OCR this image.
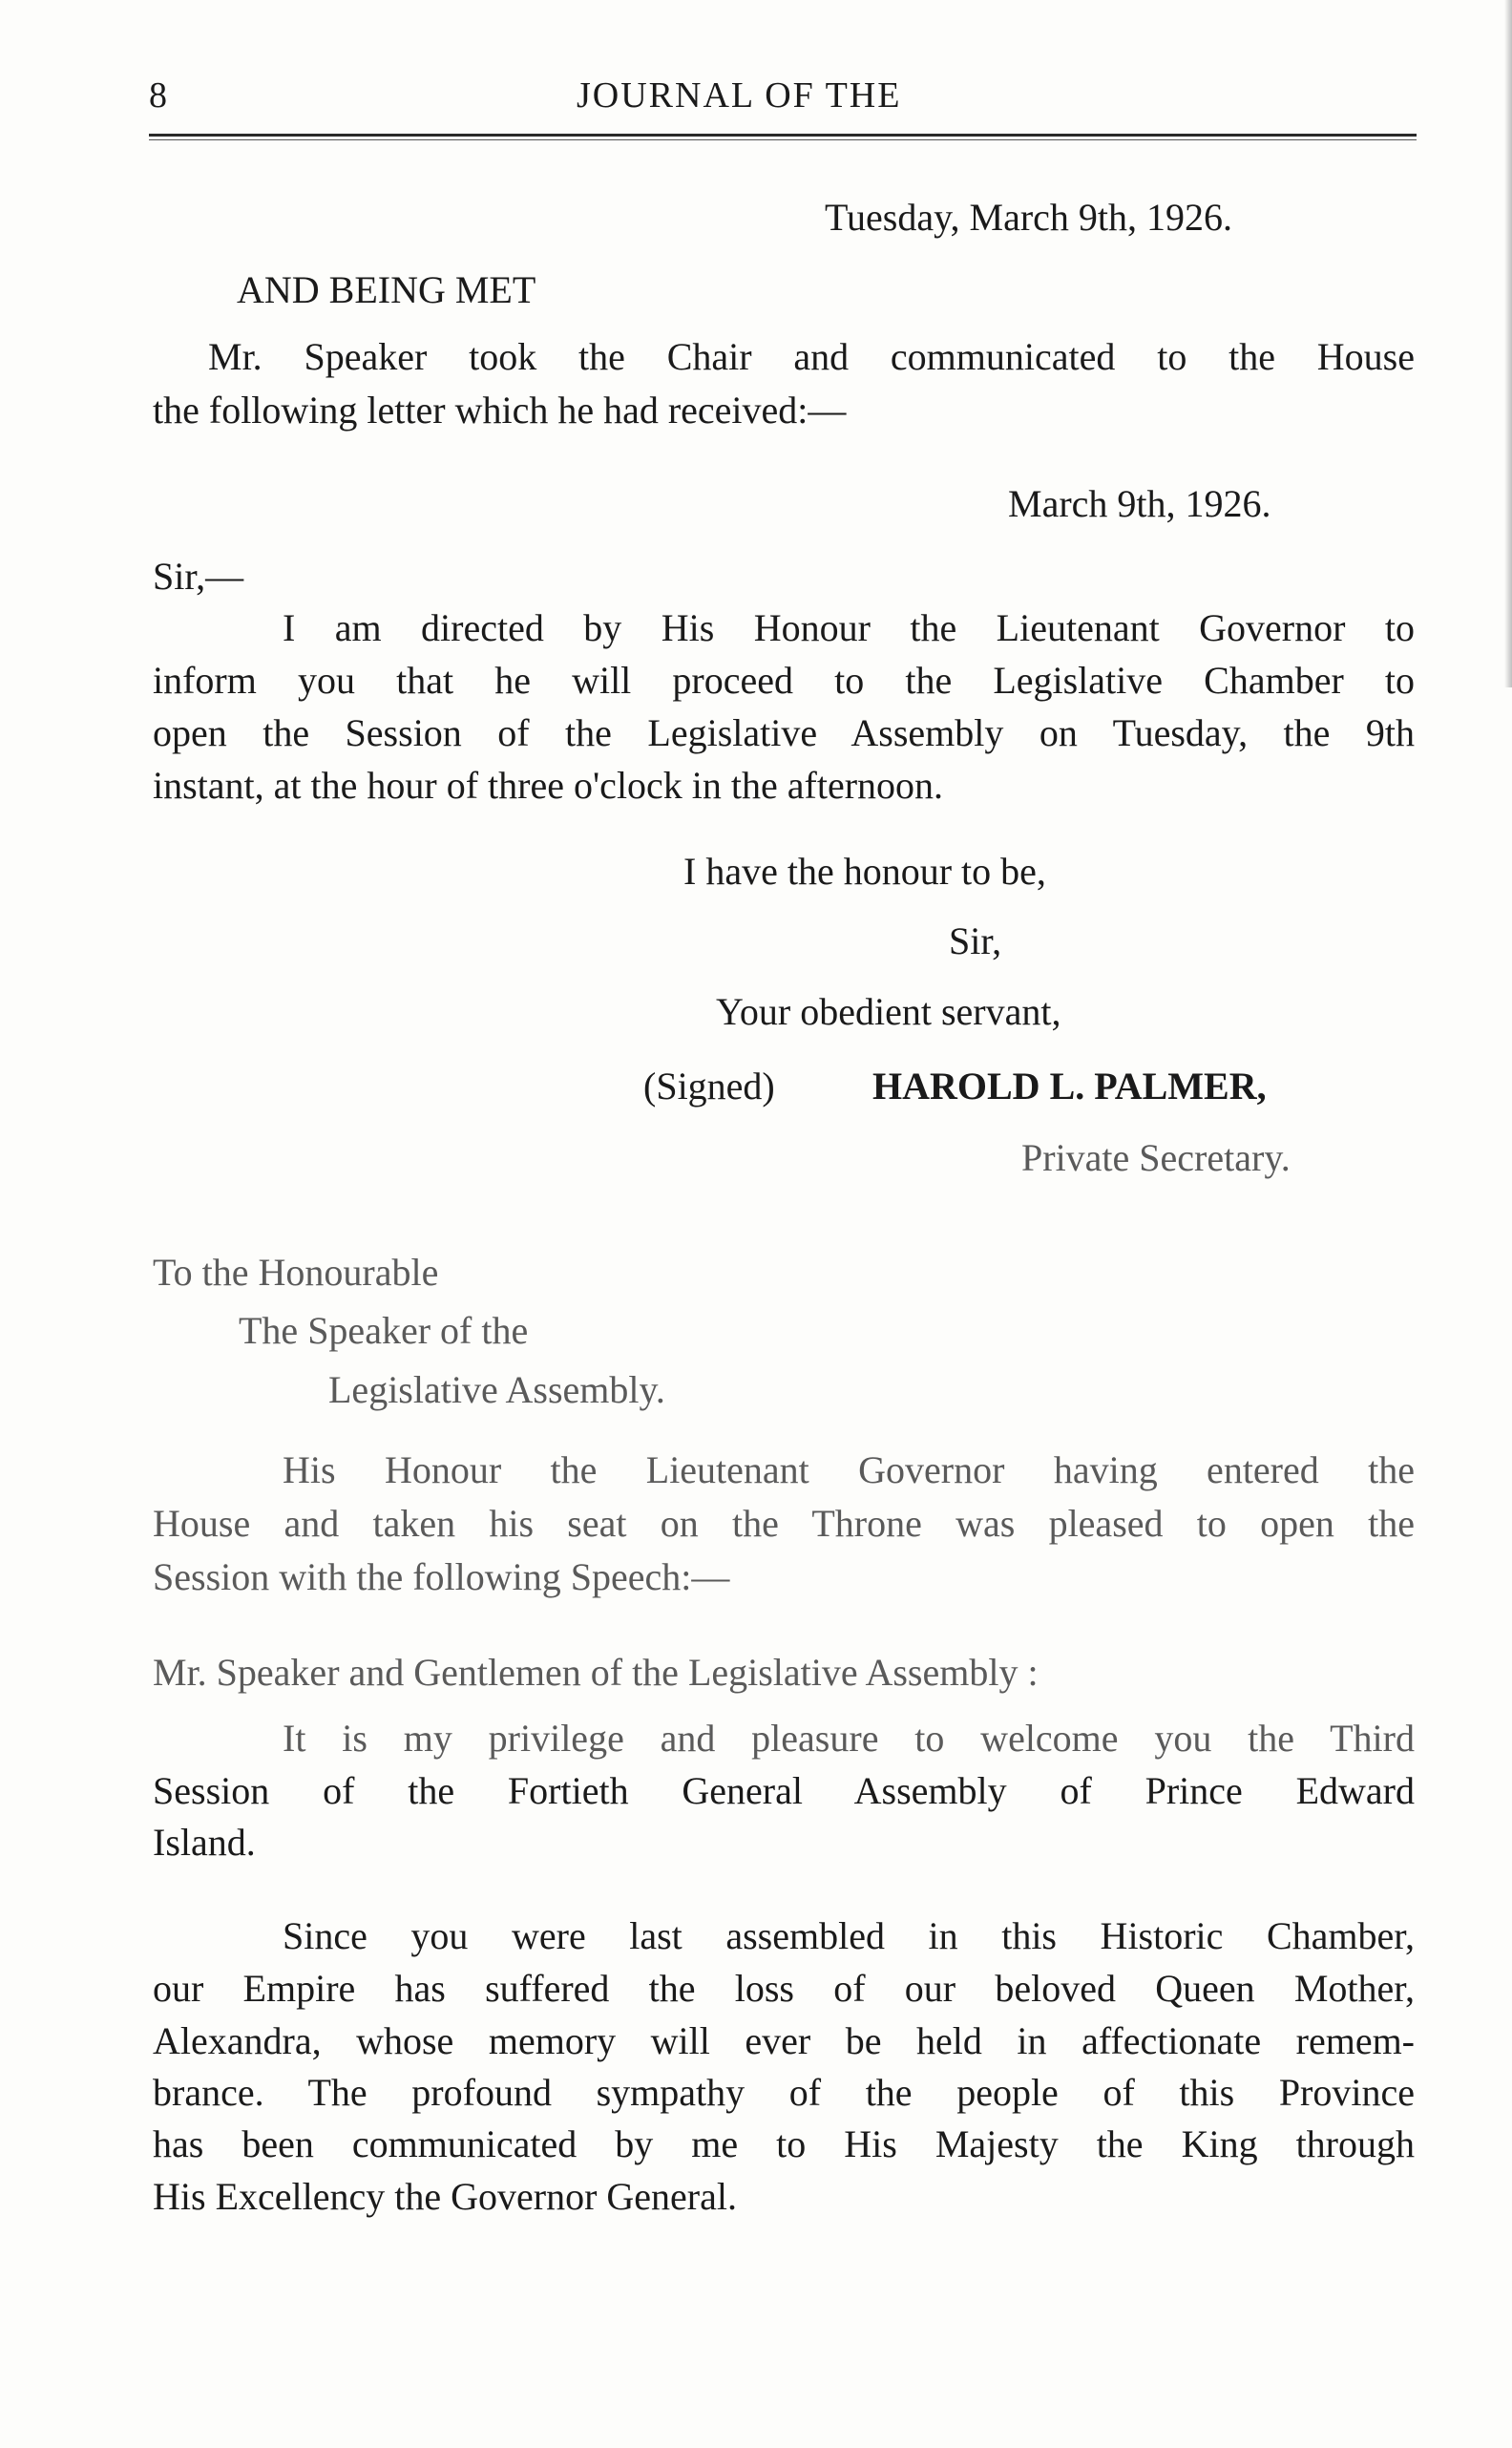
8	JOURNAL OF THE
Tuesday, March 9th, 1926.
AND BEING MET
Mr. Speaker took the Chair and communicated to the House
the following letter which he had received:—
March 9th, 1926.
Sir,—
I am directed by His Honour the Lieutenant Governor to
inform you that he will proceed to the Legislative Chamber to
open the Session of the Legislative Assembly on Tuesday, the 9th
instant, at the hour of three o'clock in the afternoon.
I have the honour to be,
Sir,
Your obedient servant,
(Signed)	HAROLD L. PALMER,
Private Secretary.
To the Honourable
The Speaker of the
Legislative Assembly.
His Honour the Lieutenant Governor having entered the
House and taken his seat on the Throne was pleased to open the
Session with the following Speech:—
Mr. Speaker and Gentlemen of the Legislative Assembly :
It is my privilege and pleasure to welcome you the Third
Session of the Fortieth General Assembly of Prince Edward
Island.
Since you were last assembled in this Historic Chamber,
our Empire has suffered the loss of our beloved Queen Mother,
Alexandra, whose memory will ever be held in affectionate remem-
brance. The profound sympathy of the people of this Province
has been communicated by me to His Majesty the King through
His Excellency the Governor General.
